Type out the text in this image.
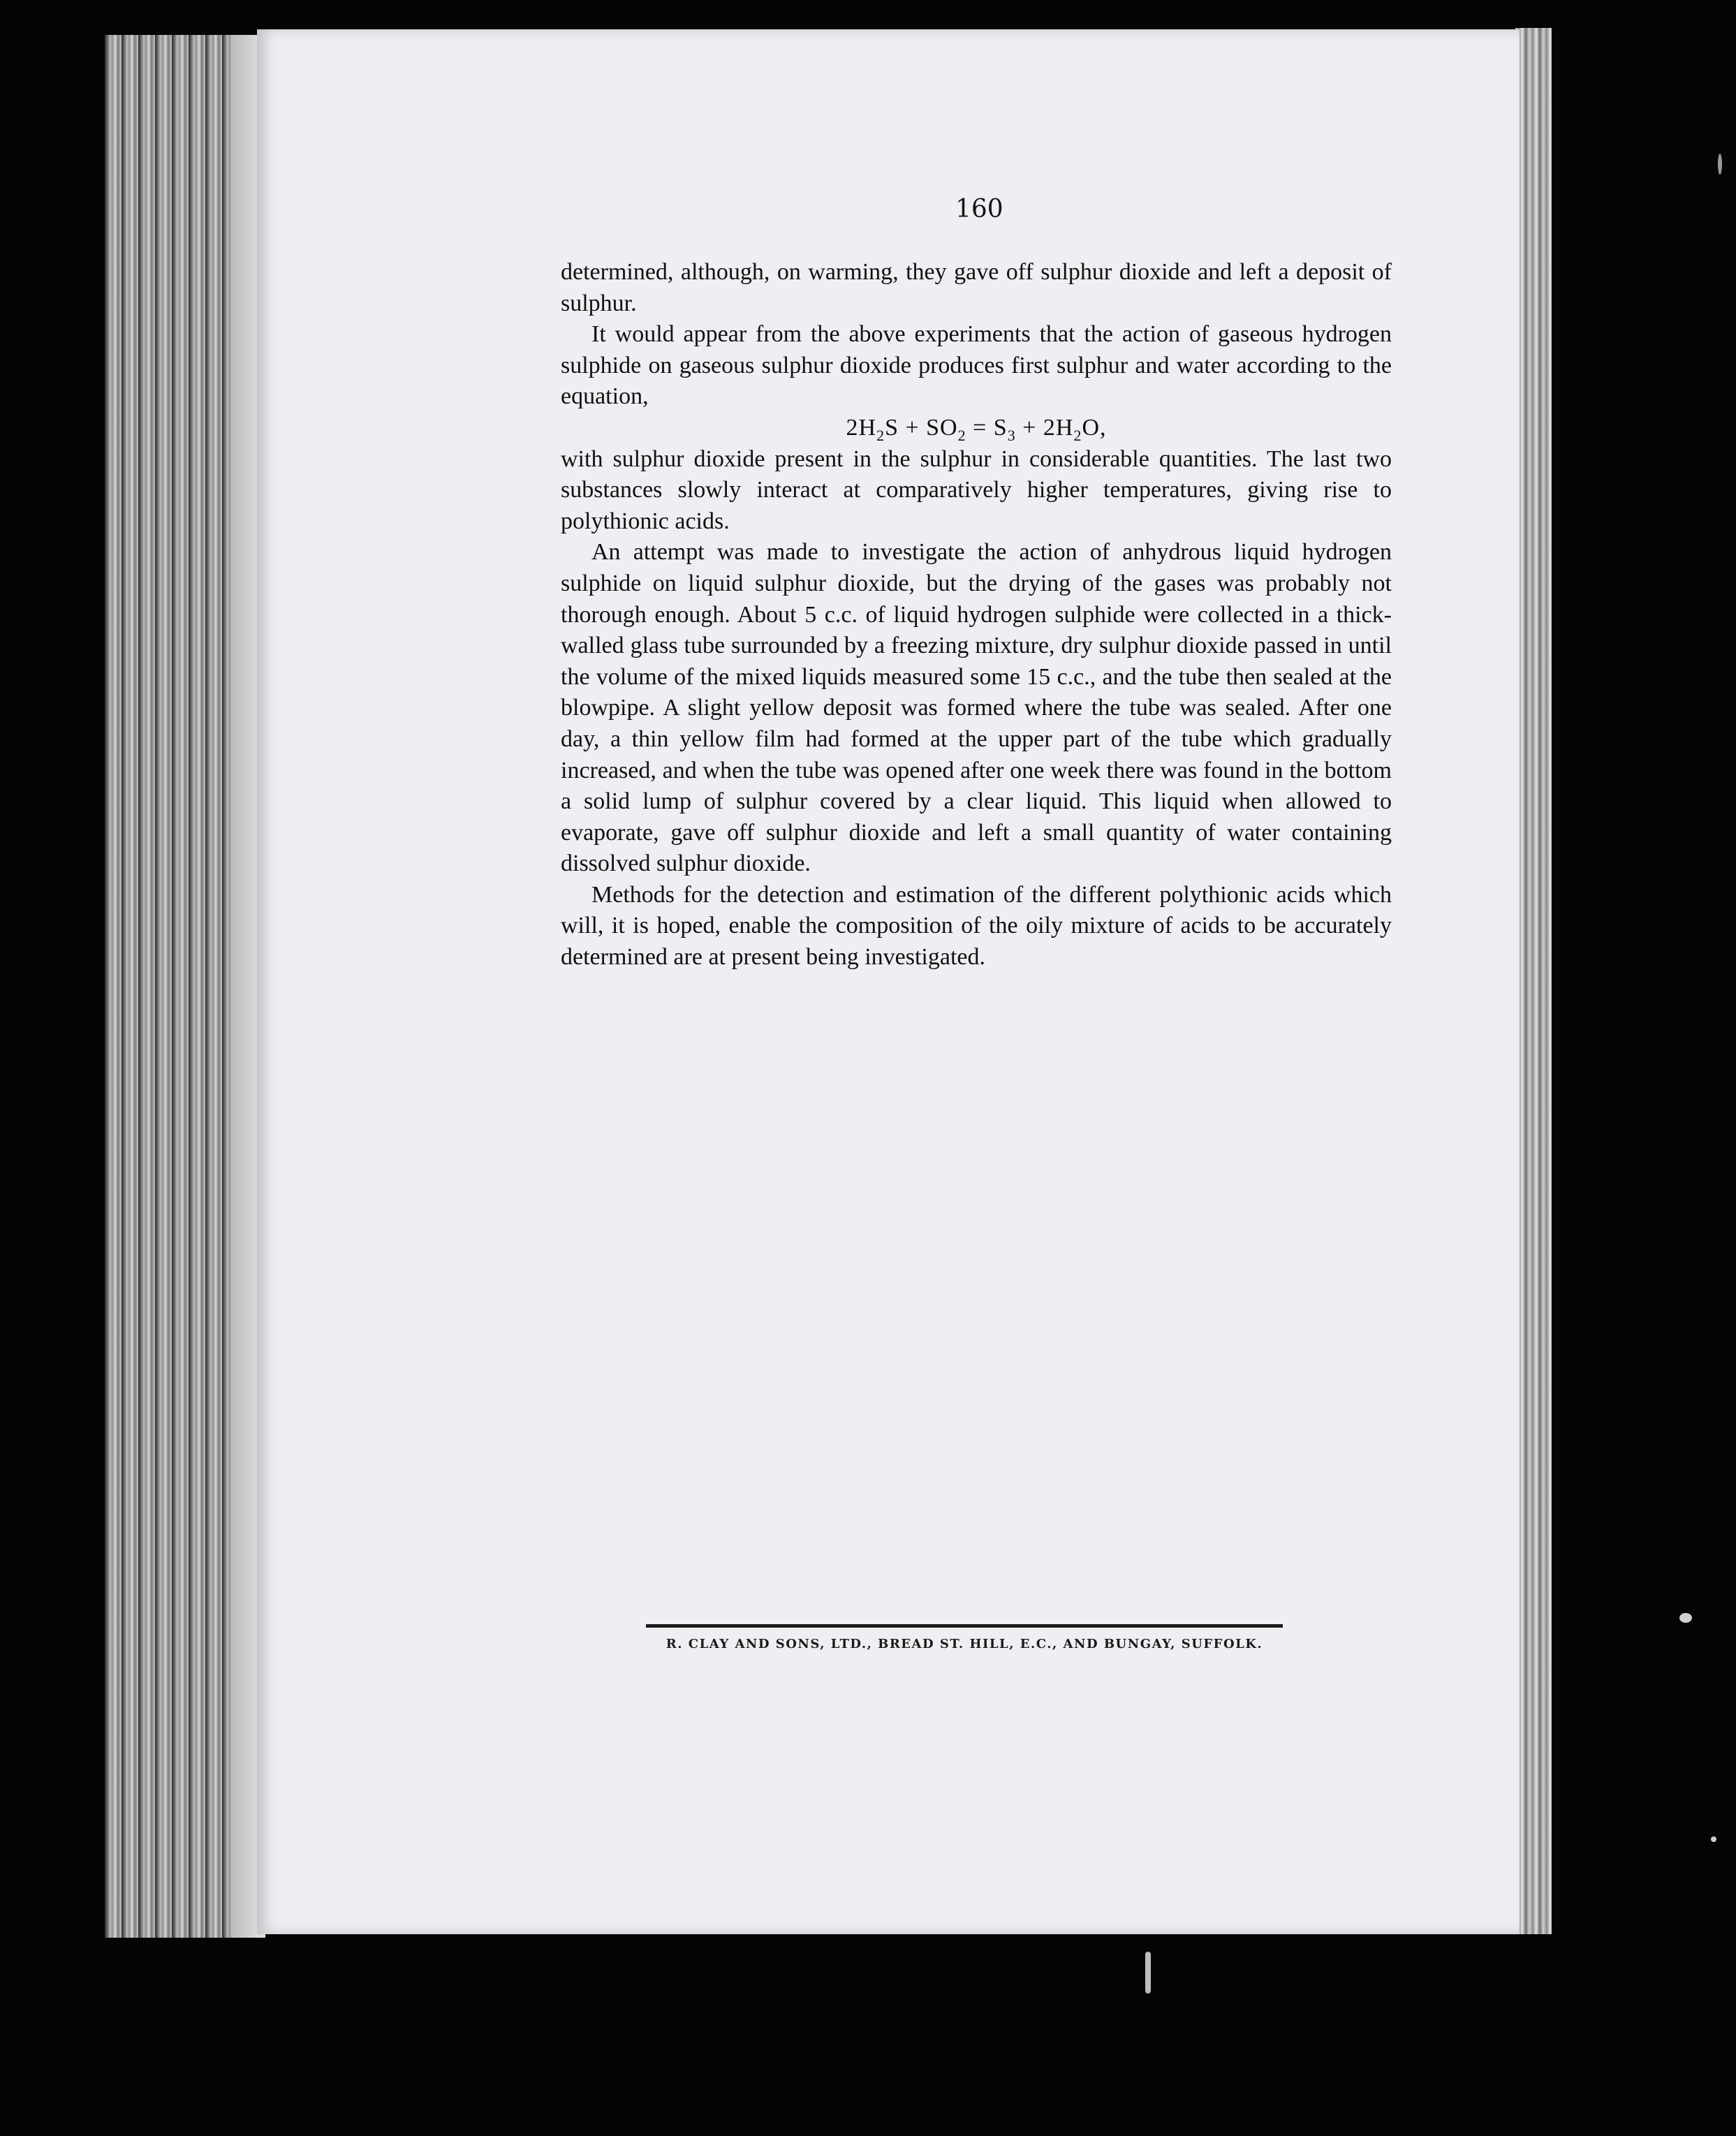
160

determined, although, on warming, they gave off sulphur dioxide and left a deposit of sulphur.

It would appear from the above experiments that the action of gaseous hydrogen sulphide on gaseous sulphur dioxide produces first sulphur and water according to the equation,

$2H_2S + SO_2 = S_3 + 2H_2O$,

with sulphur dioxide present in the sulphur in considerable quantities. The last two substances slowly interact at comparatively higher temperatures, giving rise to polythionic acids.

An attempt was made to investigate the action of anhydrous liquid hydrogen sulphide on liquid sulphur dioxide, but the drying of the gases was probably not thorough enough. About 5 c.c. of liquid hydrogen sulphide were collected in a thick-walled glass tube surrounded by a freezing mixture, dry sulphur dioxide passed in until the volume of the mixed liquids measured some 15 c.c., and the tube then sealed at the blowpipe. A slight yellow deposit was formed where the tube was sealed. After one day, a thin yellow film had formed at the upper part of the tube which gradually increased, and when the tube was opened after one week there was found in the bottom a solid lump of sulphur covered by a clear liquid. This liquid when allowed to evaporate, gave off sulphur dioxide and left a small quantity of water containing dissolved sulphur dioxide.

Methods for the detection and estimation of the different polythionic acids which will, it is hoped, enable the composition of the oily mixture of acids to be accurately determined are at present being investigated.

R. CLAY AND SONS, LTD., BREAD ST. HILL, E.C., AND BUNGAY, SUFFOLK.
